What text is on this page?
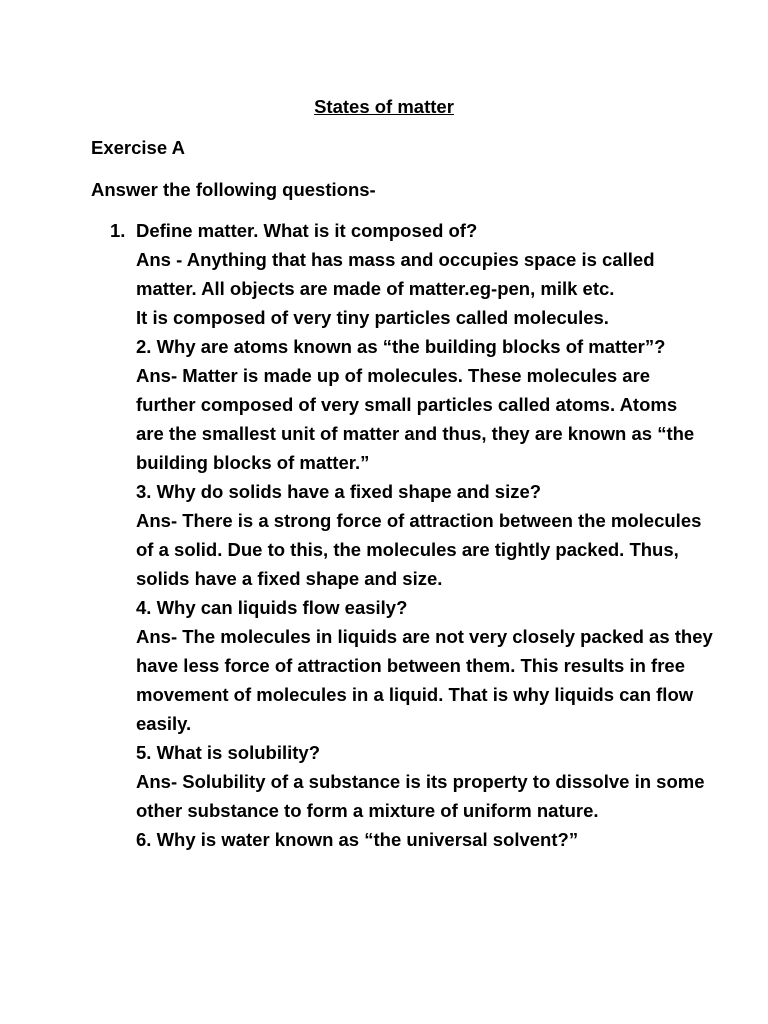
States of matter
Exercise A
Answer the following questions-
1. Define matter. What is it composed of?
Ans - Anything that has mass and occupies space is called
matter. All objects are made of matter.eg-pen, milk etc.
It is composed of very tiny particles called molecules.
2. Why are atoms known as “the building blocks of matter”?
Ans- Matter is made up of molecules. These molecules are
further composed of very small particles called atoms. Atoms
are the smallest unit of matter and thus, they are known as “the
building blocks of matter.”
3. Why do solids have a fixed shape and size?
Ans- There is a strong force of attraction between the molecules
of a solid. Due to this, the molecules are tightly packed. Thus,
solids have a fixed shape and size.
4. Why can liquids flow easily?
Ans- The molecules in liquids are not very closely packed as they
have less force of attraction between them. This results in free
movement of molecules in a liquid. That is why liquids can flow
easily.
5. What is solubility?
Ans- Solubility of a substance is its property to dissolve in some
other substance to form a mixture of uniform nature.
6. Why is water known as “the universal solvent?”
